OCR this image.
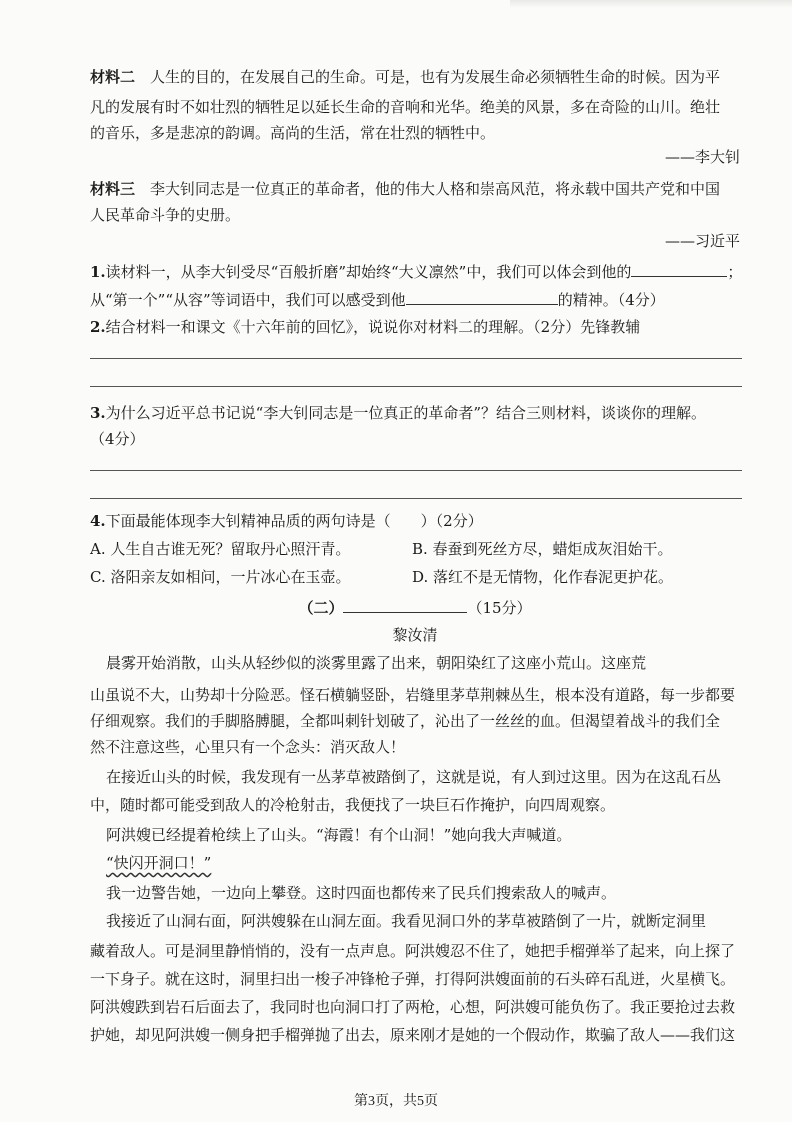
材料二　 人生的目的，在发展自己的生命。可是，也有为发展生命必须牺牲生命的时候。因为平
凡的发展有时不如壮烈的牺牲足以延长生命的音响和光华。绝美的风景，多在奇险的山川。绝壮
的音乐，多是悲凉的韵调。高尚的生活，常在壮烈的牺牲中。
——李大钊
材料三　 李大钊同志是一位真正的革命者，他的伟大人格和崇高风范，将永载中国共产党和中国
人民革命斗争的史册。
——习近平
1.读材料一，从李大钊受尽“百般折磨”却始终“大义凛然”中，我们可以体会到他的	；
从“第一个”“从容”等词语中，我们可以感受到他	的精神。（4分）
2.结合材料一和课文《十六年前的回忆》，说说你对材料二的理解。（2分）先锋教辅
3.为什么习近平总书记说“李大钊同志是一位真正的革命者”？结合三则材料，谈谈你的理解。
（4分）
4.下面最能体现李大钊精神品质的两句诗是（　　）（2分）
A. 人生自古谁无死？留取丹心照汗青。	B. 春蚕到死丝方尽，蜡炬成灰泪始干。
C. 洛阳亲友如相问，一片冰心在玉壶。	D. 落红不是无情物，化作春泥更护花。
（二）	（15分）
黎汝清
晨雾开始消散，山头从轻纱似的淡雾里露了出来，朝阳染红了这座小荒山。这座荒
山虽说不大，山势却十分险恶。怪石横躺竖卧，岩缝里茅草荆棘丛生，根本没有道路，每一步都要
仔细观察。我们的手脚胳膊腿，全都叫刺针划破了，沁出了一丝丝的血。但渴望着战斗的我们全
然不注意这些，心里只有一个念头：消灭敌人！
在接近山头的时候，我发现有一丛茅草被踏倒了，这就是说，有人到过这里。因为在这乱石丛
中，随时都可能受到敌人的冷枪射击，我便找了一块巨石作掩护，向四周观察。
阿洪嫂已经提着枪续上了山头。“海霞！有个山洞！”她向我大声喊道。
“快闪开洞口！”
我一边警告她，一边向上攀登。这时四面也都传来了民兵们搜索敌人的喊声。
我接近了山洞右面，阿洪嫂躲在山洞左面。我看见洞口外的茅草被踏倒了一片，就断定洞里
藏着敌人。可是洞里静悄悄的，没有一点声息。阿洪嫂忍不住了，她把手榴弹举了起来，向上探了
一下身子。就在这时，洞里扫出一梭子冲锋枪子弹，打得阿洪嫂面前的石头碎石乱迸，火星横飞。
阿洪嫂跌到岩石后面去了，我同时也向洞口打了两枪，心想，阿洪嫂可能负伤了。我正要抢过去救
护她，却见阿洪嫂一侧身把手榴弹抛了出去，原来刚才是她的一个假动作，欺骗了敌人——我们这
第3页，共5页
